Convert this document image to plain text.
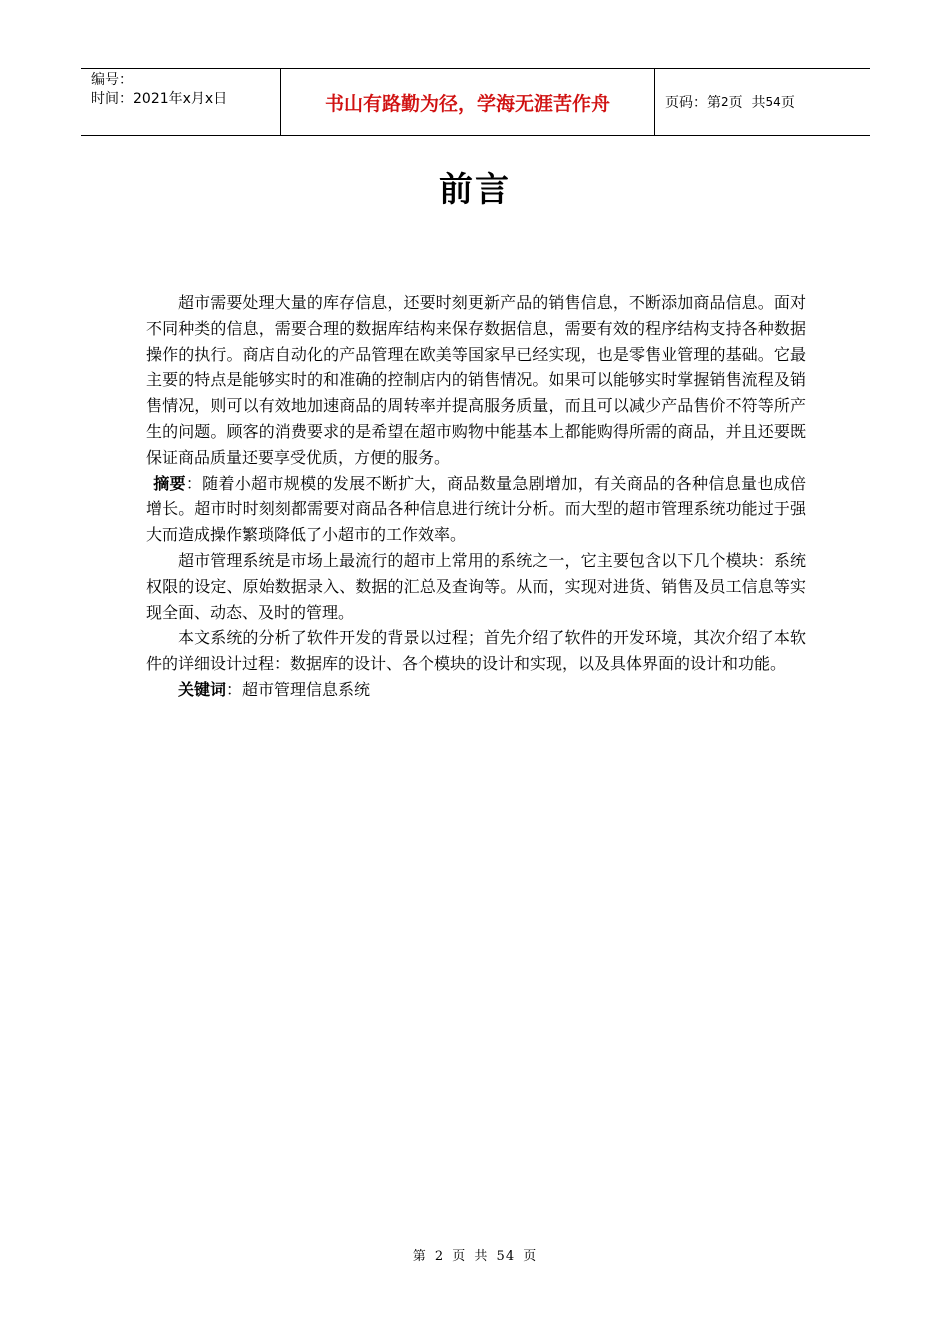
编号：
时间：2021年x月x日	书山有路勤为径，学海无涯苦作舟	页码：第 2 页  共 54 页
前言

超市需要处理大量的库存信息，还要时刻更新产品的销售信息，不断添加商品信息。面对不同种类的信息，需要合理的数据库结构来保存数据信息，需要有效的程序结构支持各种数据操作的执行。商店自动化的产品管理在欧美等国家早已经实现，也是零售业管理的基础。它最主要的特点是能够实时的和准确的控制店内的销售情况。如果可以能够实时掌握销售流程及销售情况，则可以有效地加速商品的周转率并提高服务质量，而且可以减少产品售价不符等所产生的问题。顾客的消费要求的是希望在超市购物中能基本上都能购得所需的商品，并且还要既保证商品质量还要享受优质，方便的服务。

摘要：随着小超市规模的发展不断扩大，商品数量急剧增加，有关商品的各种信息量也成倍增长。超市时时刻刻都需要对商品各种信息进行统计分析。而大型的超市管理系统功能过于强大而造成操作繁琐降低了小超市的工作效率。

超市管理系统是市场上最流行的超市上常用的系统之一，它主要包含以下几个模块：系统权限的设定、原始数据录入、数据的汇总及查询等。从而，实现对进货、销售及员工信息等实现全面、动态、及时的管理。

本文系统的分析了软件开发的背景以过程；首先介绍了软件的开发环境，其次介绍了本软件的详细设计过程：数据库的设计、各个模块的设计和实现，以及具体界面的设计和功能。

关键词：超市管理信息系统

第 2 页 共 54 页
